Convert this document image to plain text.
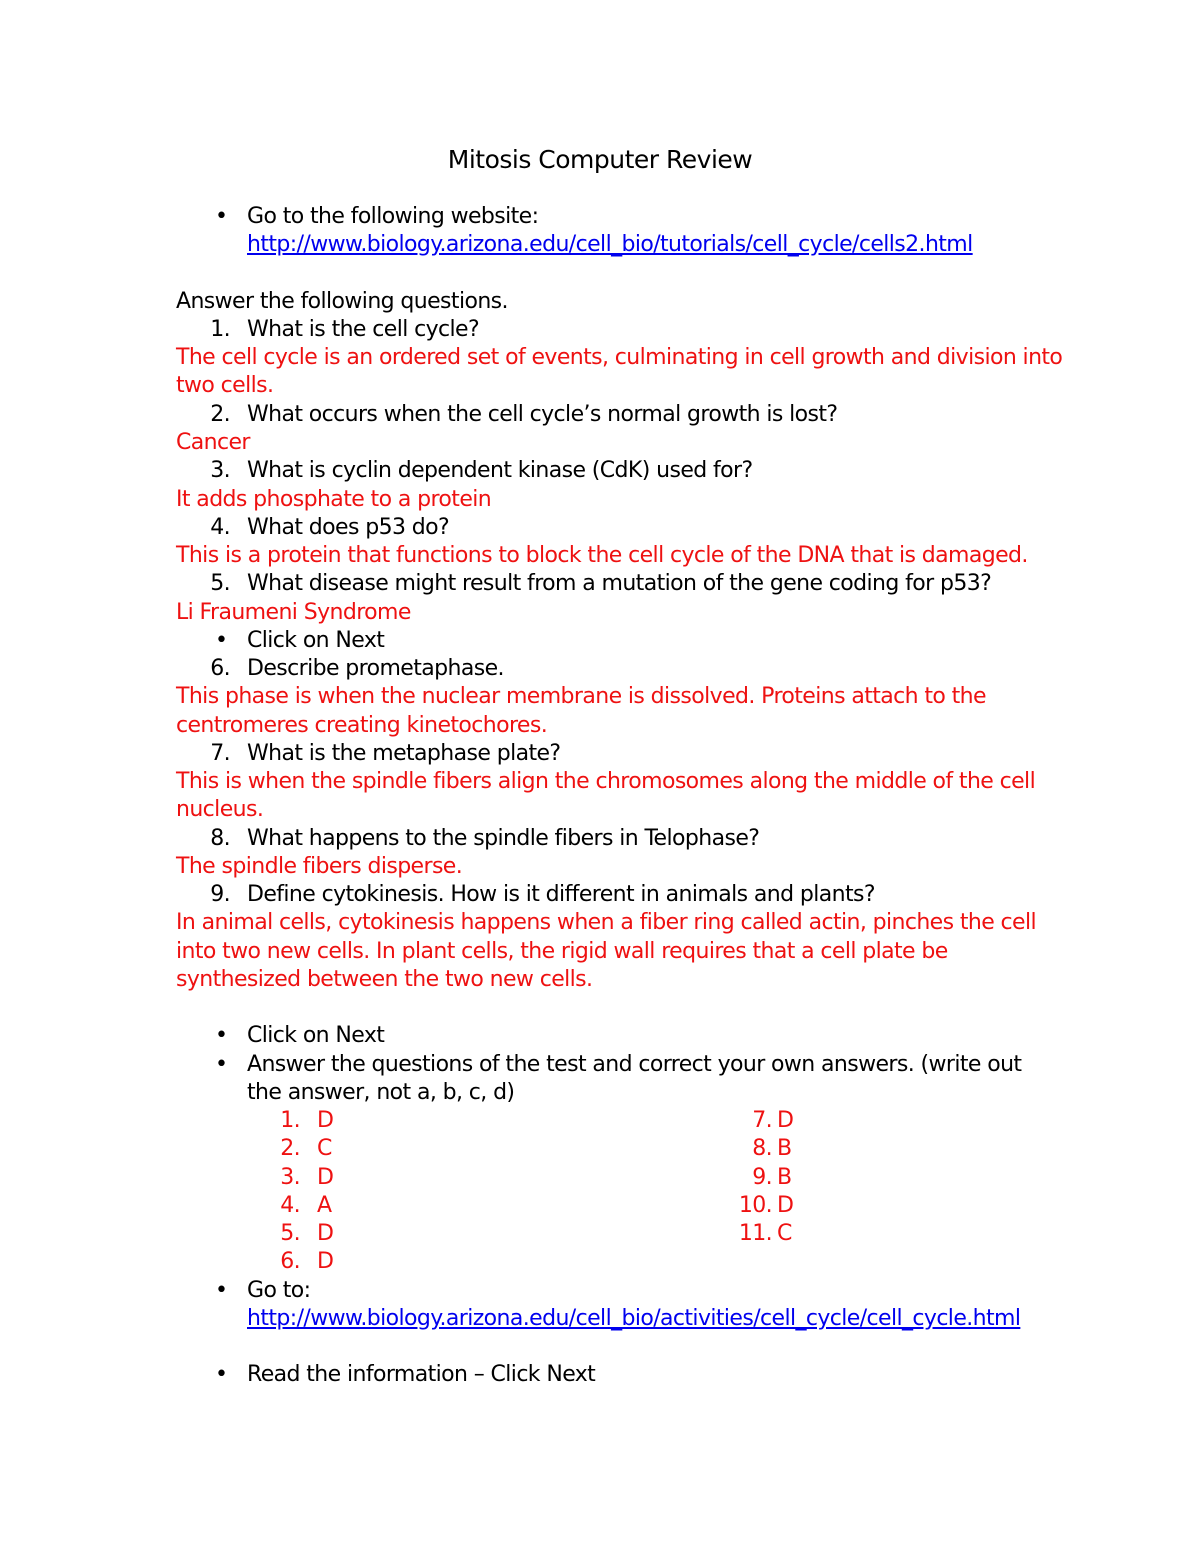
Mitosis Computer Review
• Go to the following website:
http://www.biology.arizona.edu/cell_bio/tutorials/cell_cycle/cells2.html
Answer the following questions.
1. What is the cell cycle?
The cell cycle is an ordered set of events, culminating in cell growth and division into
two cells.
2. What occurs when the cell cycle’s normal growth is lost?
Cancer
3. What is cyclin dependent kinase (CdK) used for?
It adds phosphate to a protein
4. What does p53 do?
This is a protein that functions to block the cell cycle of the DNA that is damaged.
5. What disease might result from a mutation of the gene coding for p53?
Li Fraumeni Syndrome
• Click on Next
6. Describe prometaphase.
This phase is when the nuclear membrane is dissolved. Proteins attach to the
centromeres creating kinetochores.
7. What is the metaphase plate?
This is when the spindle fibers align the chromosomes along the middle of the cell
nucleus.
8. What happens to the spindle fibers in Telophase?
The spindle fibers disperse.
9. Define cytokinesis. How is it different in animals and plants?
In animal cells, cytokinesis happens when a fiber ring called actin, pinches the cell
into two new cells. In plant cells, the rigid wall requires that a cell plate be
synthesized between the two new cells.
• Click on Next
• Answer the questions of the test and correct your own answers. (write out
the answer, not a, b, c, d)
1. D
2. C
3. D
4. A
5. D
6. D
7. D
8. B
9. B
10. D
11. C
• Go to:
http://www.biology.arizona.edu/cell_bio/activities/cell_cycle/cell_cycle.html
• Read the information – Click Next
